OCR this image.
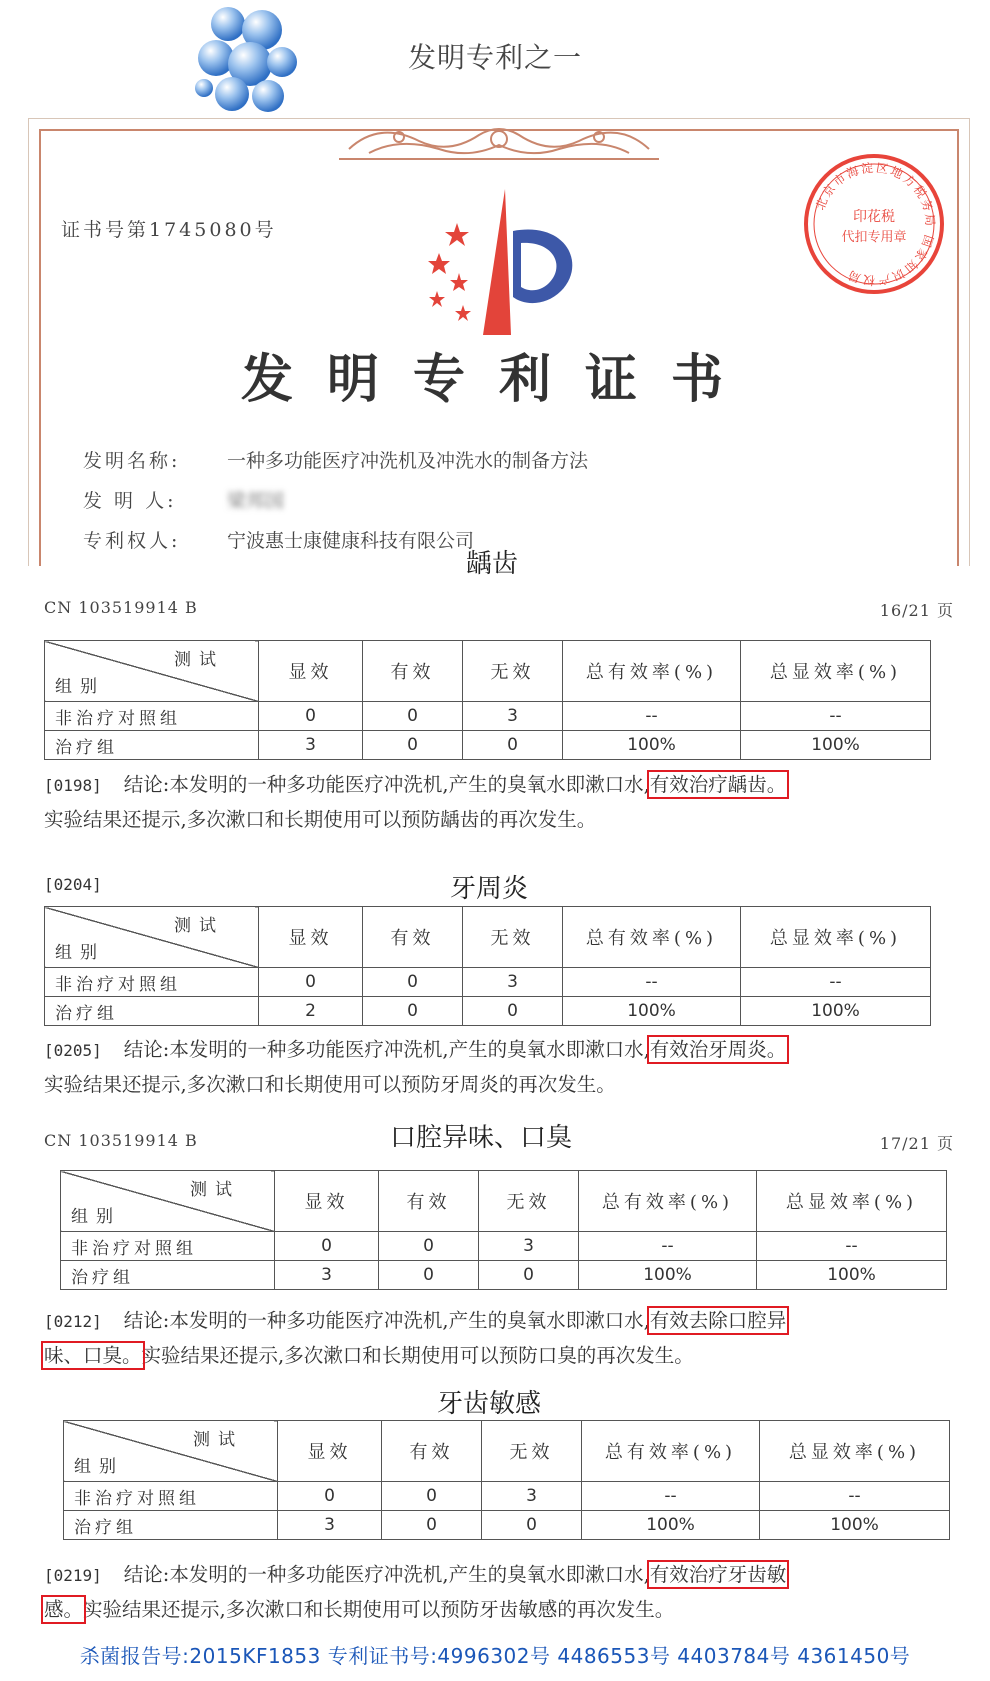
发明专利之一
证书号第1745080号
北京市海淀区地方税务局 国家知识产权局
印花税
代扣专用章
发明专利证书
发明名称: 一种多功能医疗冲洗机及冲洗水的制备方法
发 明 人:	梁邦国
专利权人: 宁波惠士康健康科技有限公司
龋齿
CN 103519914 B	16/21 页
测试
组别	显效	有效	无效	总有效率(%)	总显效率(%)
非治疗对照组	0	0	3	--	--
治疗组	3	0	0	100%	100%
[0198] 结论:本发明的一种多功能医疗冲洗机,产生的臭氧水即漱口水,有效治疗龋齿。
实验结果还提示,多次漱口和长期使用可以预防龋齿的再次发生。
牙周炎
[0204]
测试
组别	显效	有效	无效	总有效率(%)	总显效率(%)
非治疗对照组	0	0	3	--	--
治疗组	2	0	0	100%	100%
[0205] 结论:本发明的一种多功能医疗冲洗机,产生的臭氧水即漱口水,有效治牙周炎。
实验结果还提示,多次漱口和长期使用可以预防牙周炎的再次发生。
口腔异味、口臭
CN 103519914 B	17/21 页
测试
组别	显效	有效	无效	总有效率(%)	总显效率(%)
非治疗对照组	0	0	3	--	--
治疗组	3	0	0	100%	100%
[0212] 结论:本发明的一种多功能医疗冲洗机,产生的臭氧水即漱口水,有效去除口腔异
味、口臭。实验结果还提示,多次漱口和长期使用可以预防口臭的再次发生。
牙齿敏感
测试
组别	显效	有效	无效	总有效率(%)	总显效率(%)
非治疗对照组	0	0	3	--	--
治疗组	3	0	0	100%	100%
[0219] 结论:本发明的一种多功能医疗冲洗机,产生的臭氧水即漱口水,有效治疗牙齿敏
感。实验结果还提示,多次漱口和长期使用可以预防牙齿敏感的再次发生。
杀菌报告号:2015KF1853 专利证书号:4996302号 4486553号 4403784号 4361450号
